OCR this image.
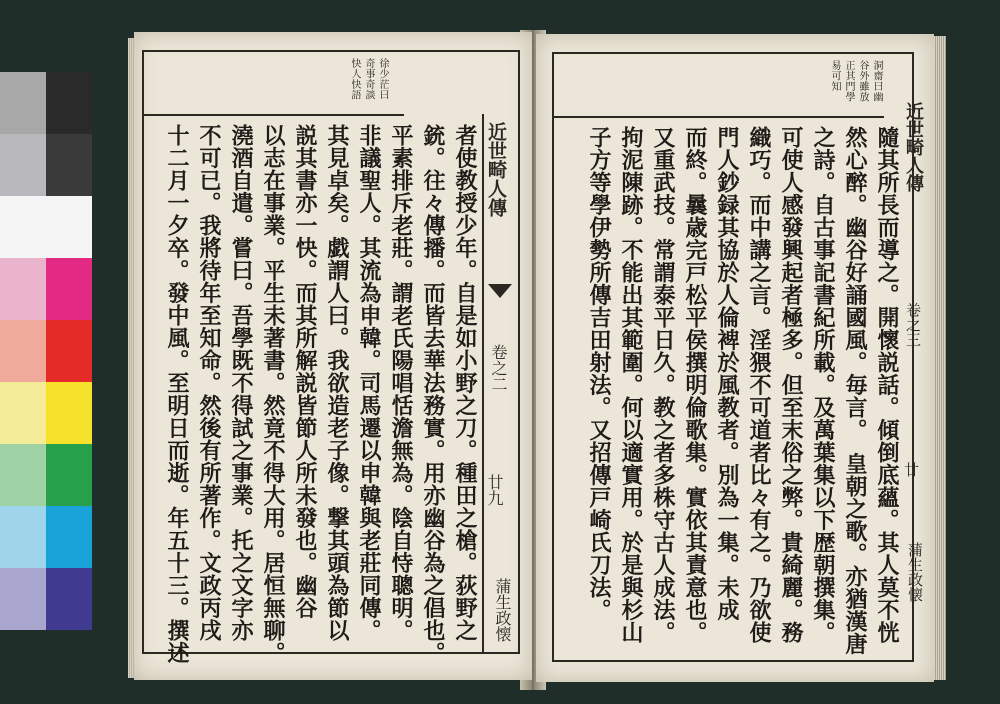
徐少茫曰
奇事奇談
快人快語
者使教授少年。自是如小野之刀。種田之槍。荻野之
銃。往々傳播。而皆去華法務實。用亦幽谷為之倡也。
平素排斥老莊。謂老氏陽唱恬澹無為。陰自恃聰明。
非議聖人。其流為申韓。司馬遷以申韓與老莊同傳。
其見卓矣。戯謂人曰。我欲造老子像。撃其頭為節以
説其書亦一快。而其所解説皆節人所未發也。幽谷
以志在事業。平生未著書。然竟不得大用。居恒無聊。
澆酒自遣。嘗曰。吾學既不得試之事業。托之文字亦
不可已。我將待年至知命。然後有所著作。文政丙戌
十二月一夕卒。發中風。至明日而逝。年五十三。撰述	近世畸人傳
卷之二
廿九
蒲生政懐
洞齋曰幽
谷外雖放
正其門學
易可知
隨其所長而導之。開懷説話。傾倒底蘊。其人莫不恍
然心醉。幽谷好誦國風。毎言。　皇朝之歌。亦猶漢唐
之詩。自古事記書紀所載。及萬葉集以下歴朝撰集。
可使人感發興起者極多。但至末俗之弊。貴綺麗。務
織巧。而中講之言。淫猥不可道者比々有之。乃欲使
門人鈔録其協於人倫裨於風教者。別為一集。未成
而終。曩歳完戸松平侯撰明倫歌集。實依其責意也。
又重武技。常謂泰平日久。教之者多株守古人成法。
拘泥陳跡。不能出其範圍。何以適實用。於是與杉山
子方等學伊勢所傳吉田射法。又招傳戸崎氏刀法。	近世畸人傳
卷之三
廿
蒲生政懐
